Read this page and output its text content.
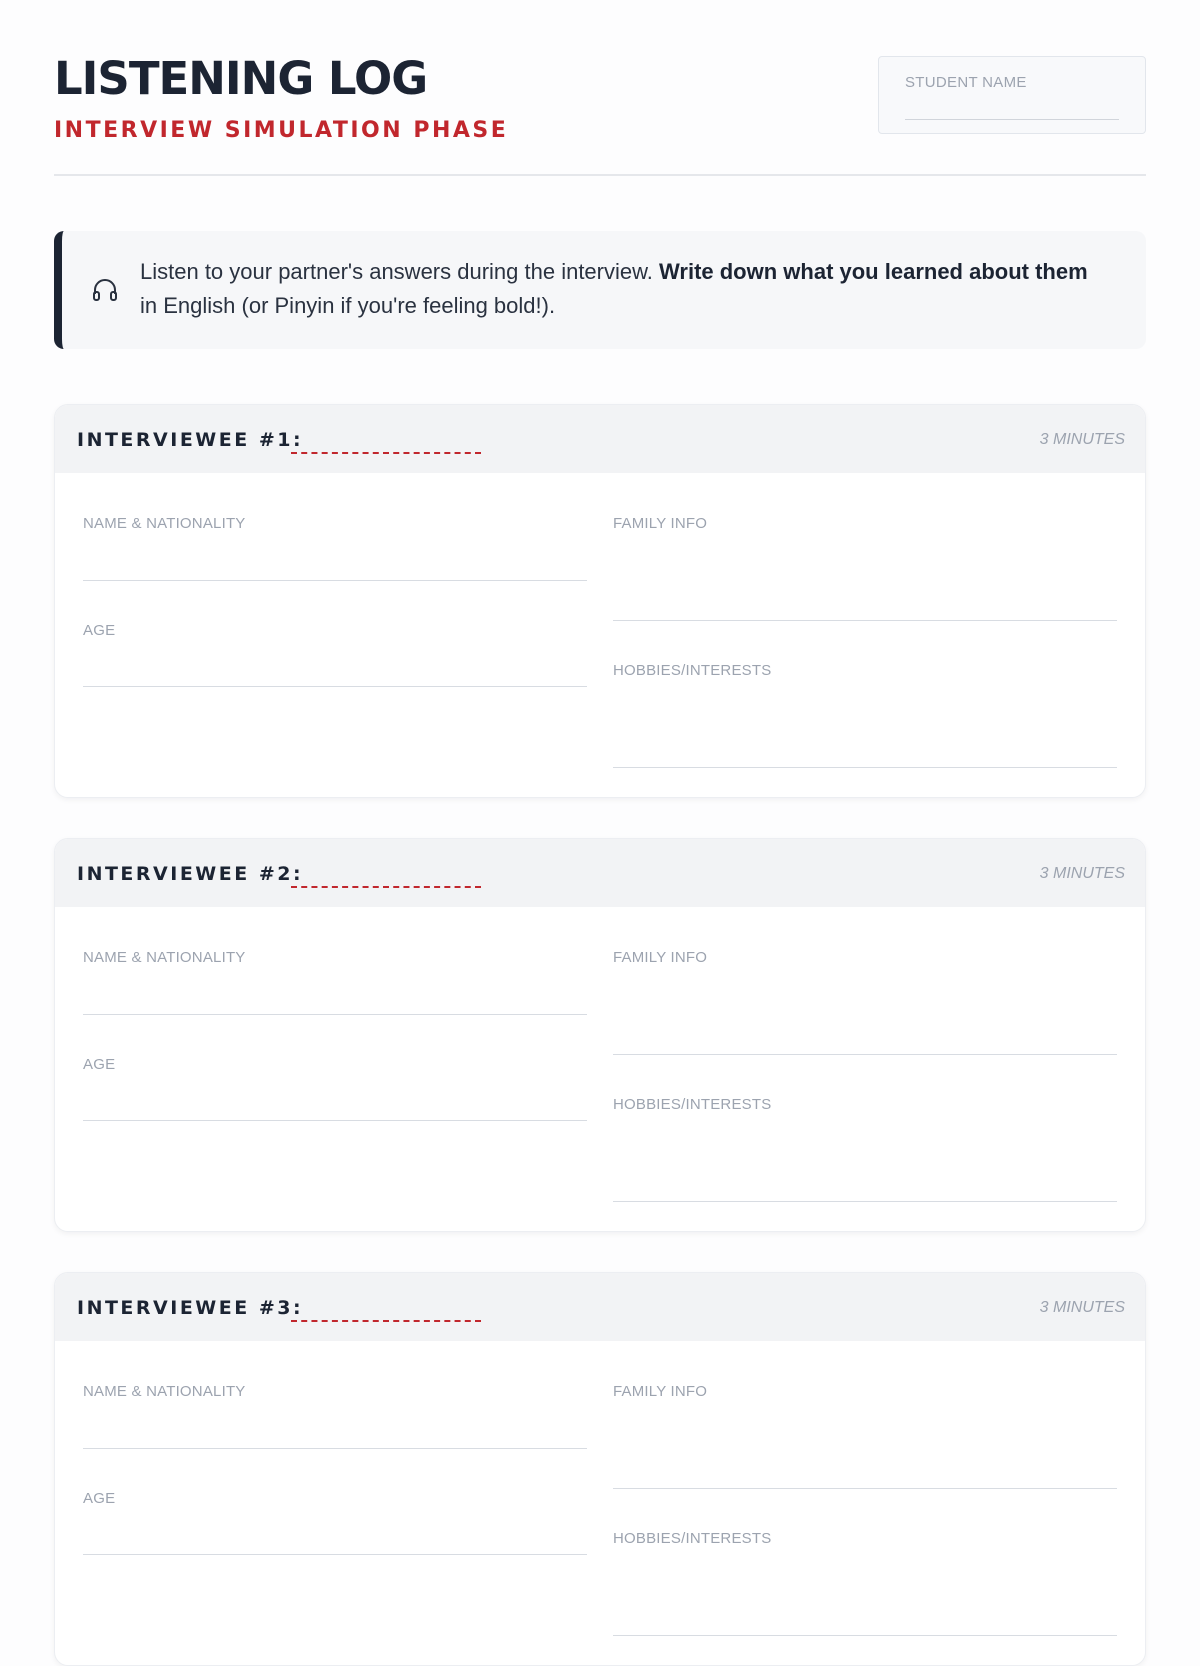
LISTENING LOG
INTERVIEW SIMULATION PHASE
STUDENT NAME
Listen to your partner's answers during the interview. Write down what you learned about them in English (or Pinyin if you're feeling bold!).
INTERVIEWEE #1:	3 MINUTES
NAME & NATIONALITY
AGE
FAMILY INFO
HOBBIES/INTERESTS
INTERVIEWEE #2:	3 MINUTES
NAME & NATIONALITY
AGE
FAMILY INFO
HOBBIES/INTERESTS
INTERVIEWEE #3:	3 MINUTES
NAME & NATIONALITY
AGE
FAMILY INFO
HOBBIES/INTERESTS
